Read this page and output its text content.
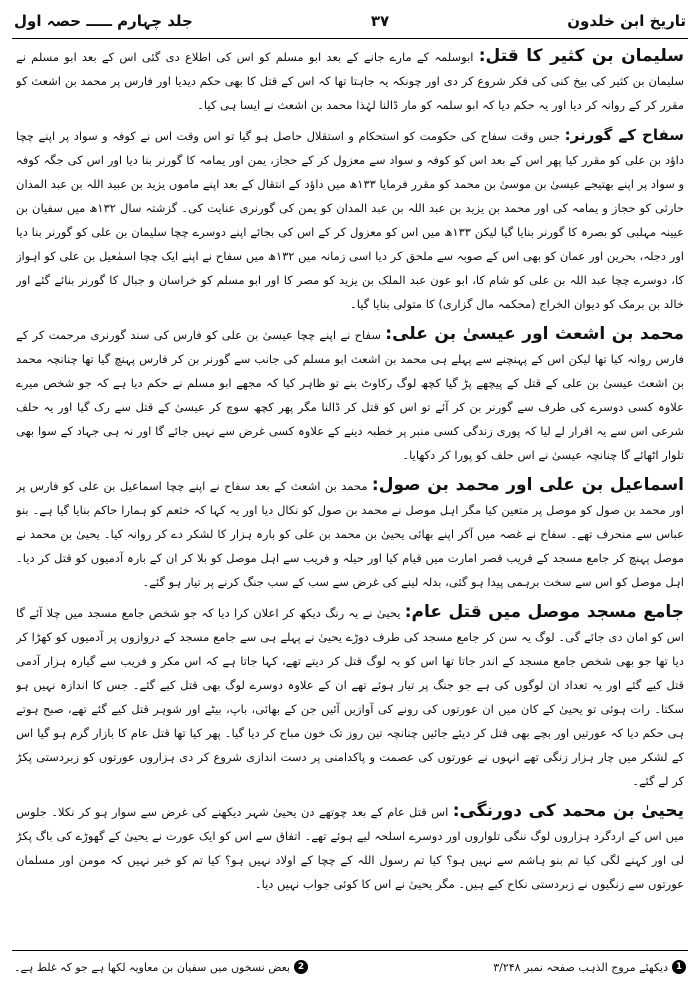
تاریخ ابن خلدون
۳۷
جلد چہارم ـــــ حصہ اول

سلیمان بن کثیر کا قتل: ابوسلمہ کے مارے جانے کے بعد ابو مسلم کو اس کی اطلاع دی گئی اس کے بعد ابو مسلم نے سلیمان بن کثیر کی بیخ کنی کی فکر شروع کر دی اور چونکہ یہ جاہتا تھا کہ اس کے قتل کا بھی حکم دیدیا اور فارس پر محمد بن اشعث کو مقرر کر کے روانہ کر دیا اور یہ حکم دیا کہ ابو سلمہ کو مار ڈالنا لہٰذا محمد بن اشعث نے ایسا ہی کیا۔

سفاح کے گورنر: جس وقت سفاح کی حکومت کو استحکام و استقلال حاصل ہو گیا تو اس وقت اس نے کوفہ و سواد پر اپنے چچا داؤد بن علی کو مقرر کیا پھر اس کے بعد اس کو کوفہ و سواد سے معزول کر کے حجاز، یمن اور یمامہ کا گورنر بنا دیا اور اس کی جگہ کوفہ و سواد پر اپنے بھتیجے عیسیٰ بن موسیٰ بن محمد کو مقرر فرمایا ۱۳۳ھ میں داؤد کے انتقال کے بعد اپنے ماموں یزید بن عبید اللہ بن عبد المدان حارثی کو حجاز و یمامہ کی اور محمد بن یزید بن عبد اللہ بن عبد المدان کو یمن کی گورنری عنایت کی۔ گزشتہ سال ۱۳۲ھ میں سفیان بن عیینہ مہلبی کو بصرہ کا گورنر بنایا گیا لیکن ۱۳۳ھ میں اس کو معزول کر کے اس کی بجائے اپنے دوسرے چچا سلیمان بن علی کو گورنر بنا دیا اور دجلہ، بحرین اور عمان کو بھی اس کے صوبہ سے ملحق کر دیا اسی زمانہ میں ۱۳۲ھ میں سفاح نے اپنے ایک چچا اسمٰعیل بن علی کو اہواز کا، دوسرے چچا عبد اللہ بن علی کو شام کا، ابو عون عبد الملک بن یزید کو مصر کا اور ابو مسلم کو خراسان و جبال کا گورنر بنائے گئے اور خالد بن برمک کو دیوان الخراج (محکمہ مال گزاری) کا متولی بنایا گیا۔

محمد بن اشعث اور عیسیٰ بن علی: سفاح نے اپنے چچا عیسیٰ بن علی کو فارس کی سند گورنری مرحمت کر کے فارس روانہ کیا تھا لیکن اس کے پہنچنے سے پہلے ہی محمد بن اشعث ابو مسلم کی جانب سے گورنر بن کر فارس پہنچ گیا تھا چنانچہ محمد بن اشعث عیسیٰ بن علی کے قتل کے پیچھے پڑ گیا کچھ لوگ رکاوٹ بنے تو ظاہر کیا کہ مجھے ابو مسلم نے حکم دیا ہے کہ جو شخص میرے علاوہ کسی دوسرے کی طرف سے گورنر بن کر آئے تو اس کو قتل کر ڈالنا مگر پھر کچھ سوچ کر عیسیٰ کے قتل سے رک گیا اور یہ حلف شرعی اس سے یہ اقرار لے لیا کہ پوری زندگی کسی منبر پر خطبہ دینے کے علاوہ کسی غرض سے نہیں جائے گا اور نہ ہی جہاد کے سوا بھی تلوار اٹھائے گا چنانچہ عیسیٰ نے اس حلف کو پورا کر دکھایا۔

اسماعیل بن علی اور محمد بن صول: محمد بن اشعث کے بعد سفاح نے اپنے چچا اسماعیل بن علی کو فارس پر اور محمد بن صول کو موصل پر متعین کیا مگر اہل موصل نے محمد بن صول کو نکال دیا اور یہ کہا کہ خثعم کو ہمارا حاکم بنایا گیا ہے۔ بنو عباس سے منحرف تھے۔ سفاح نے غصہ میں آکر اپنے بھائی یحییٰ بن محمد بن علی کو بارہ ہزار کا لشکر دے کر روانہ کیا۔ یحییٰ بن محمد نے موصل پہنچ کر جامع مسجد کے قریب قصر امارت میں قیام کیا اور حیلہ و فریب سے اہل موصل کو بلا کر ان کے بارہ آدمیوں کو قتل کر دیا۔ اہل موصل کو اس سے سخت برہمی پیدا ہو گئی، بدلہ لینے کی غرض سے سب کے سب جنگ کرنے پر تیار ہو گئے۔

جامع مسجد موصل میں قتل عام: یحییٰ نے یہ رنگ دیکھ کر اعلان کرا دیا کہ جو شخص جامع مسجد میں چلا آئے گا اس کو امان دی جائے گی۔ لوگ یہ سن کر جامع مسجد کی طرف دوڑے یحییٰ نے پہلے ہی سے جامع مسجد کے دروازوں پر آدمیوں کو کھڑا کر دیا تھا جو بھی شخص جامع مسجد کے اندر جاتا تھا اس کو یہ لوگ قتل کر دیتے تھے، کہا جاتا ہے کہ اس مکر و فریب سے گیارہ ہزار آدمی قتل کیے گئے اور یہ تعداد ان لوگوں کی ہے جو جنگ پر تیار ہوئے تھے ان کے علاوہ دوسرے لوگ بھی قتل کیے گئے۔ جس کا اندازہ نہیں ہو سکتا۔ رات ہوئی تو یحییٰ کے کان میں ان عورتوں کی رونے کی آوازیں آئیں جن کے بھائی، باپ، بیٹے اور شوہر قتل کیے گئے تھے، صبح ہوتے ہی حکم دیا کہ عورتیں اور بچے بھی قتل کر دیئے جائیں چنانچہ تین روز تک خون مباح کر دیا گیا۔ پھر کیا تھا قتل عام کا بازار گرم ہو گیا اس کے لشکر میں چار ہزار زنگی تھے انہوں نے عورتوں کی عصمت و پاکدامنی پر دست اندازی شروع کر دی ہزاروں عورتوں کو زبردستی پکڑ کر لے گئے۔

یحییٰ بن محمد کی دورنگی: اس قتل عام کے بعد چوتھے دن یحییٰ شہر دیکھنے کی غرض سے سوار ہو کر نکلا۔ جلوس میں اس کے اردگرد ہزاروں لوگ ننگی تلواروں اور دوسرے اسلحہ لیے ہوئے تھے۔ اتفاق سے اس کو ایک عورت نے یحییٰ کے گھوڑے کی باگ پکڑ لی اور کہنے لگی کیا تم بنو ہاشم سے نہیں ہو؟ کیا تم رسول اللہ کے چچا کے اولاد نہیں ہو؟ کیا تم کو خبر نہیں کہ مومن اور مسلمان عورتوں سے زنگیوں نے زبردستی نکاح کیے ہیں۔ مگر یحییٰ نے اس کا کوئی جواب نہیں دیا۔

1
دیکھئے مروج الذہب صفحہ نمبر ۳/۲۴۸
2
بعض نسخوں میں سفیان بن معاویہ لکھا ہے جو کہ غلط ہے۔
